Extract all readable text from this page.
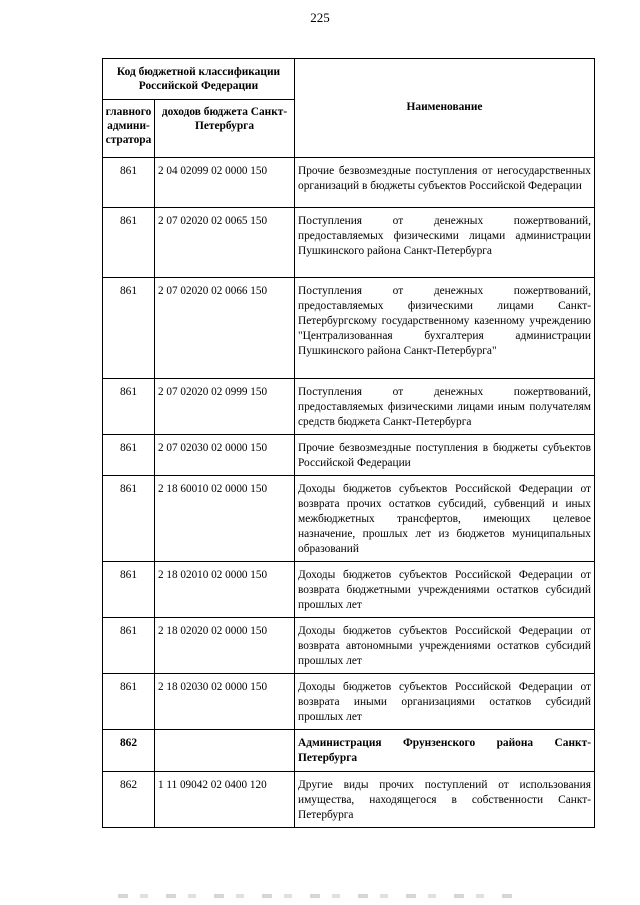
225
Код бюджетной классификации Российской Федерации		Наименование
главного админи-стратора	доходов бюджета Санкт-Петербурга	
861	2 04 02099 02 0000 150	Прочие безвозмездные поступления от негосударственных организаций в бюджеты субъектов Российской Федерации
861	2 07 02020 02 0065 150	Поступления от денежных пожертвований, предоставляемых физическими лицами администрации Пушкинского района Санкт-Петербурга
861	2 07 02020 02 0066 150	Поступления от денежных пожертвований, предоставляемых физическими лицами Санкт-Петербургскому государственному казенному учреждению "Централизованная бухгалтерия администрации Пушкинского района Санкт-Петербурга"
861	2 07 02020 02 0999 150	Поступления от денежных пожертвований, предоставляемых физическими лицами иным получателям средств бюджета Санкт-Петербурга
861	2 07 02030 02 0000 150	Прочие безвозмездные поступления в бюджеты субъектов Российской Федерации
861	2 18 60010 02 0000 150	Доходы бюджетов субъектов Российской Федерации от возврата прочих остатков субсидий, субвенций и иных межбюджетных трансфертов, имеющих целевое назначение, прошлых лет из бюджетов муниципальных образований
861	2 18 02010 02 0000 150	Доходы бюджетов субъектов Российской Федерации от возврата бюджетными учреждениями остатков субсидий прошлых лет
861	2 18 02020 02 0000 150	Доходы бюджетов субъектов Российской Федерации от возврата автономными учреждениями остатков субсидий прошлых лет
861	2 18 02030 02 0000 150	Доходы бюджетов субъектов Российской Федерации от возврата иными организациями остатков субсидий прошлых лет
862		Администрация Фрунзенского района Санкт-Петербурга
862	1 11 09042 02 0400 120	Другие виды прочих поступлений от использования имущества, находящегося в собственности Санкт-Петербурга
